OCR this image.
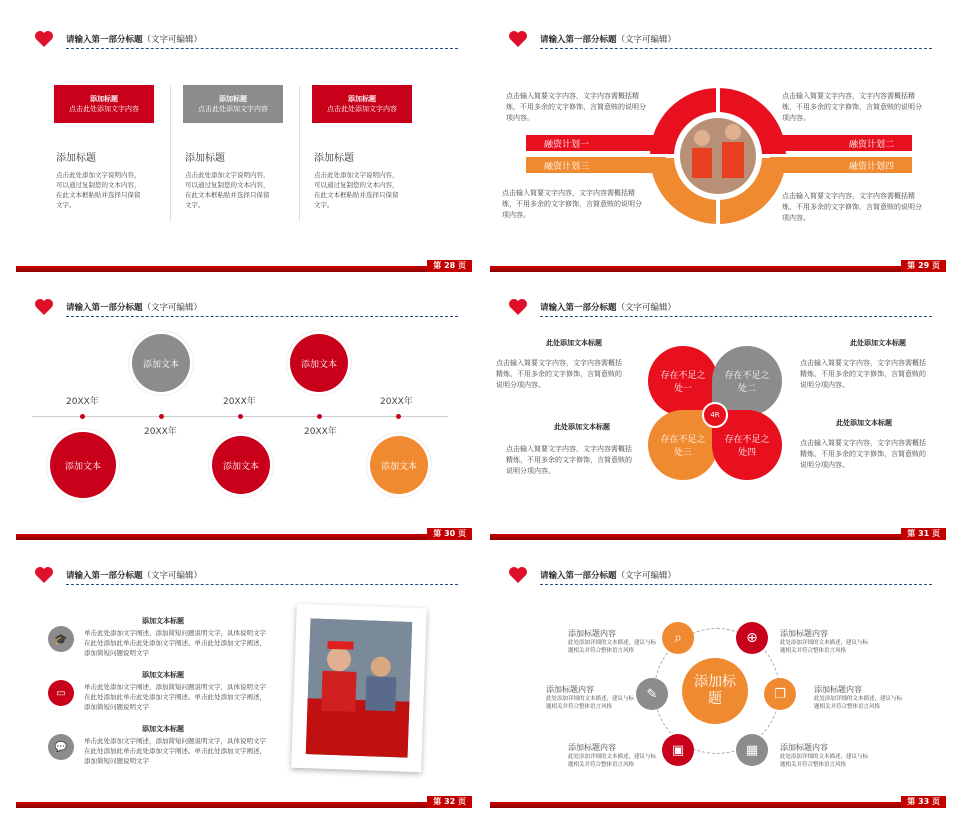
请输入第一部分标题（文字可编辑）
添加标题
点击此处添加文字内容
添加标题
点击此处添加文字内容
添加标题
点击此处添加文字内容
添加标题
点击此处添加文字说明内容，可以通过复制您的文本内容，在此文本框粘贴并选择只保留文字。
添加标题
点击此处添加文字说明内容，可以通过复制您的文本内容，在此文本框粘贴并选择只保留文字。
添加标题
点击此处添加文字说明内容，可以通过复制您的文本内容，在此文本框粘贴并选择只保留文字。
第 28 页
请输入第一部分标题（文字可编辑）
点击输入简要文字内容，文字内容需概括精炼，不用多余的文字修饰，言简意赅的说明分项内容。
点击输入简要文字内容，文字内容需概括精炼，不用多余的文字修饰，言简意赅的说明分项内容。
点击输入简要文字内容，文字内容需概括精炼，不用多余的文字修饰，言简意赅的说明分项内容。
点击输入简要文字内容，文字内容需概括精炼，不用多余的文字修饰，言简意赅的说明分项内容。
融资计划一	融资计划二
融资计划三	融资计划四
第 29 页
请输入第一部分标题（文字可编辑）
20XX年
20XX年
20XX年
20XX年
20XX年
添加文本
添加文本
添加文本
添加文本
添加文本
第 30 页
请输入第一部分标题（文字可编辑）
此处添加文本标题
点击输入简要文字内容，文字内容需概括精炼，不用多余的文字修饰，言简意赅的说明分项内容。
此处添加文本标题
点击输入简要文字内容，文字内容需概括精炼，不用多余的文字修饰，言简意赅的说明分项内容。
此处添加文本标题
点击输入简要文字内容，文字内容需概括精炼，不用多余的文字修饰，言简意赅的说明分项内容。
此处添加文本标题
点击输入简要文字内容，文字内容需概括精炼，不用多余的文字修饰，言简意赅的说明分项内容。
存在不足之处一
存在不足之处二
存在不足之处三
存在不足之处四
4R
第 31 页
请输入第一部分标题（文字可编辑）
🎓
添加文本标题
单击此处添加文字阐述，添加简短问题说明文字，具体说明文字在此处添加此单击此处添加文字阐述。单击此处添加文字阐述，添加简短问题说明文字
▭
添加文本标题
单击此处添加文字阐述，添加简短问题说明文字，具体说明文字在此处添加此单击此处添加文字阐述。单击此处添加文字阐述，添加简短问题说明文字
💬
添加文本标题
单击此处添加文字阐述，添加简短问题说明文字，具体说明文字在此处添加此单击此处添加文字阐述。单击此处添加文字阐述，添加简短问题说明文字
第 32 页
请输入第一部分标题（文字可编辑）
添加标题
⌕	⊕
✎	❐
▣	▦
添加标题内容
此处添加详细的文本描述，建议与标题相关并符合整体语言风格
添加标题内容
此处添加详细的文本描述，建议与标题相关并符合整体语言风格
添加标题内容
此处添加详细的文本描述，建议与标题相关并符合整体语言风格
添加标题内容
此处添加详细的文本描述，建议与标题相关并符合整体语言风格
添加标题内容
此处添加详细的文本描述，建议与标题相关并符合整体语言风格
添加标题内容
此处添加详细的文本描述，建议与标题相关并符合整体语言风格
第 33 页
